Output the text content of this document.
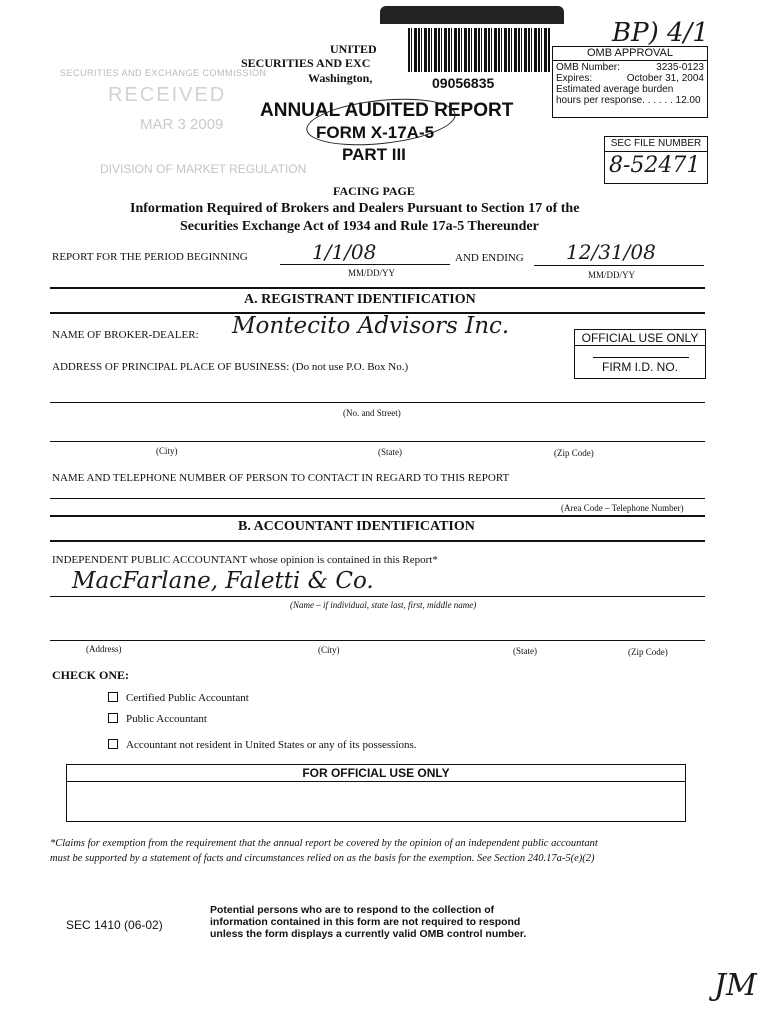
BP) 4/1
UNITED
SECURITIES AND EXC
Washington,	09056835
ANNUAL AUDITED REPORT
FORM X-17A-5
PART III
SECURITIES AND EXCHANGE COMMISSION
RECEIVED
MAR 3 2009
DIVISION OF MARKET REGULATION
OMB APPROVAL
OMB Number:	3235-0123
Expires:	October 31, 2004
Estimated average burden
hours per response. . . . . . 12.00
SEC FILE NUMBER
8-52471
FACING PAGE
Information Required of Brokers and Dealers Pursuant to Section 17 of the
Securities Exchange Act of 1934 and Rule 17a-5 Thereunder
REPORT FOR THE PERIOD BEGINNING	1/1/08
MM/DD/YY
AND ENDING 12/31/08
MM/DD/YY
A. REGISTRANT IDENTIFICATION
NAME OF BROKER-DEALER: Montecito Advisors Inc.	OFFICIAL USE ONLY
FIRM I.D. NO.
ADDRESS OF PRINCIPAL PLACE OF BUSINESS: (Do not use P.O. Box No.)
(No. and Street)
(City)	(State)	(Zip Code)
NAME AND TELEPHONE NUMBER OF PERSON TO CONTACT IN REGARD TO THIS REPORT
(Area Code – Telephone Number)
B. ACCOUNTANT IDENTIFICATION
INDEPENDENT PUBLIC ACCOUNTANT whose opinion is contained in this Report*
MacFarlane, Faletti & Co.
(Name – if individual, state last, first, middle name)
(Address)	(City)	(State)	(Zip Code)
CHECK ONE:
Certified Public Accountant
Public Accountant
Accountant not resident in United States or any of its possessions.
FOR OFFICIAL USE ONLY
*Claims for exemption from the requirement that the annual report be covered by the opinion of an independent public accountant
must be supported by a statement of facts and circumstances relied on as the basis for the exemption. See Section 240.17a-5(e)(2)
SEC 1410 (06-02)
Potential persons who are to respond to the collection of
information contained in this form are not required to respond
unless the form displays a currently valid OMB control number.
JM
